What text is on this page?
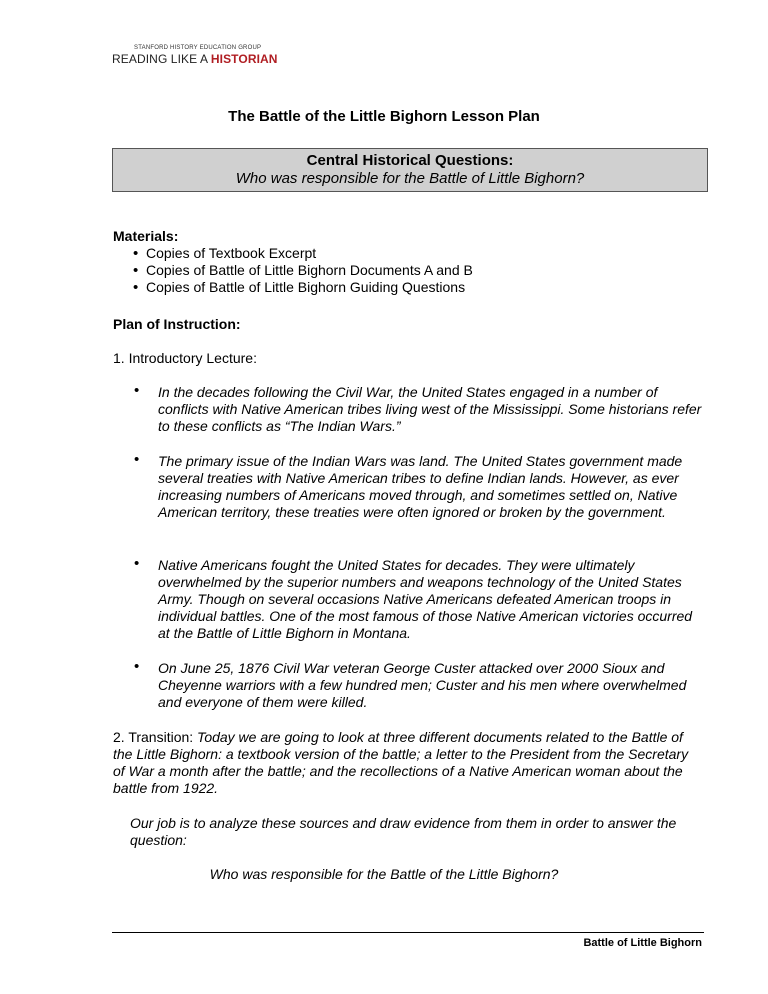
STANFORD HISTORY EDUCATION GROUP
READING LIKE A HISTORIAN
The Battle of the Little Bighorn Lesson Plan
Central Historical Questions:
Who was responsible for the Battle of Little Bighorn?
Materials:
• Copies of Textbook Excerpt
• Copies of Battle of Little Bighorn Documents A and B
• Copies of Battle of Little Bighorn Guiding Questions
Plan of Instruction:
1. Introductory Lecture:
• In the decades following the Civil War, the United States engaged in a number of conflicts with Native American tribes living west of the Mississippi. Some historians refer to these conflicts as “The Indian Wars.”
• The primary issue of the Indian Wars was land. The United States government made several treaties with Native American tribes to define Indian lands. However, as ever increasing numbers of Americans moved through, and sometimes settled on, Native American territory, these treaties were often ignored or broken by the government.
• Native Americans fought the United States for decades. They were ultimately overwhelmed by the superior numbers and weapons technology of the United States Army. Though on several occasions Native Americans defeated American troops in individual battles. One of the most famous of those Native American victories occurred at the Battle of Little Bighorn in Montana.
• On June 25, 1876 Civil War veteran George Custer attacked over 2000 Sioux and Cheyenne warriors with a few hundred men; Custer and his men where overwhelmed and everyone of them were killed.
2. Transition: Today we are going to look at three different documents related to the Battle of the Little Bighorn: a textbook version of the battle; a letter to the President from the Secretary of War a month after the battle; and the recollections of a Native American woman about the battle from 1922.
Our job is to analyze these sources and draw evidence from them in order to answer the question:
Who was responsible for the Battle of the Little Bighorn?
Battle of Little Bighorn
